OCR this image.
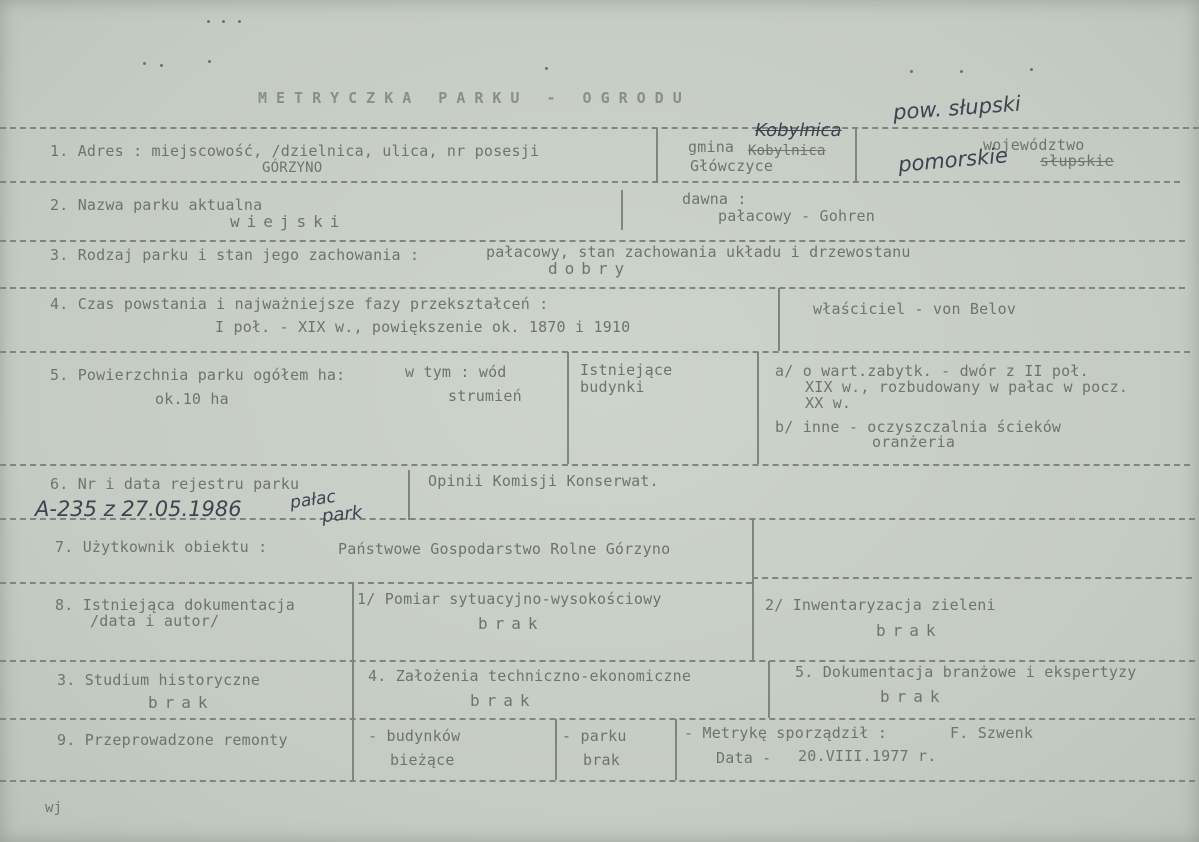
METRYCZKA PARKU - OGRODU	pow. słupski
1. Adres : miejscowość, /dzielnica, ulica, nr posesji
GÓRZYNO
gmina Kobylnica
Kobylnica
Główczyce
województwo
pomorskie słupskie
2. Nazwa parku aktualna
wiejski
dawna :
pałacowy - Gohren
3. Rodzaj parku i stan jego zachowania :	pałacowy, stan zachowania układu i drzewostanu
dobry
4. Czas powstania i najważniejsze fazy przekształceń :
I poł. - XIX w., powiększenie ok. 1870 i 1910
właściciel - von Belov
5. Powierzchnia parku ogółem ha:
ok.10 ha
w tym : wód
strumień
Istniejące
budynki
a/ o wart.zabytk. - dwór z II poł.
XIX w., rozbudowany w pałac w pocz.
XX w.
b/ inne - oczyszczalnia ścieków
oranżeria
6. Nr i data rejestru parku
A-235 z 27.05.1986	pałac
park
Opinii Komisji Konserwat.
7. Użytkownik obiektu :	Państwowe Gospodarstwo Rolne Górzyno
8. Istniejąca dokumentacja
/data i autor/
1/ Pomiar sytuacyjno-wysokościowy
brak
2/ Inwentaryzacja zieleni
brak
3. Studium historyczne
brak
4. Założenia techniczno-ekonomiczne
brak
5. Dokumentacja branżowe i ekspertyzy
brak
9. Przeprowadzone remonty	- budynków
bieżące
- parku
brak
- Metrykę sporządził :	F. Szwenk
Data - 20.VIII.1977 r.
wj
